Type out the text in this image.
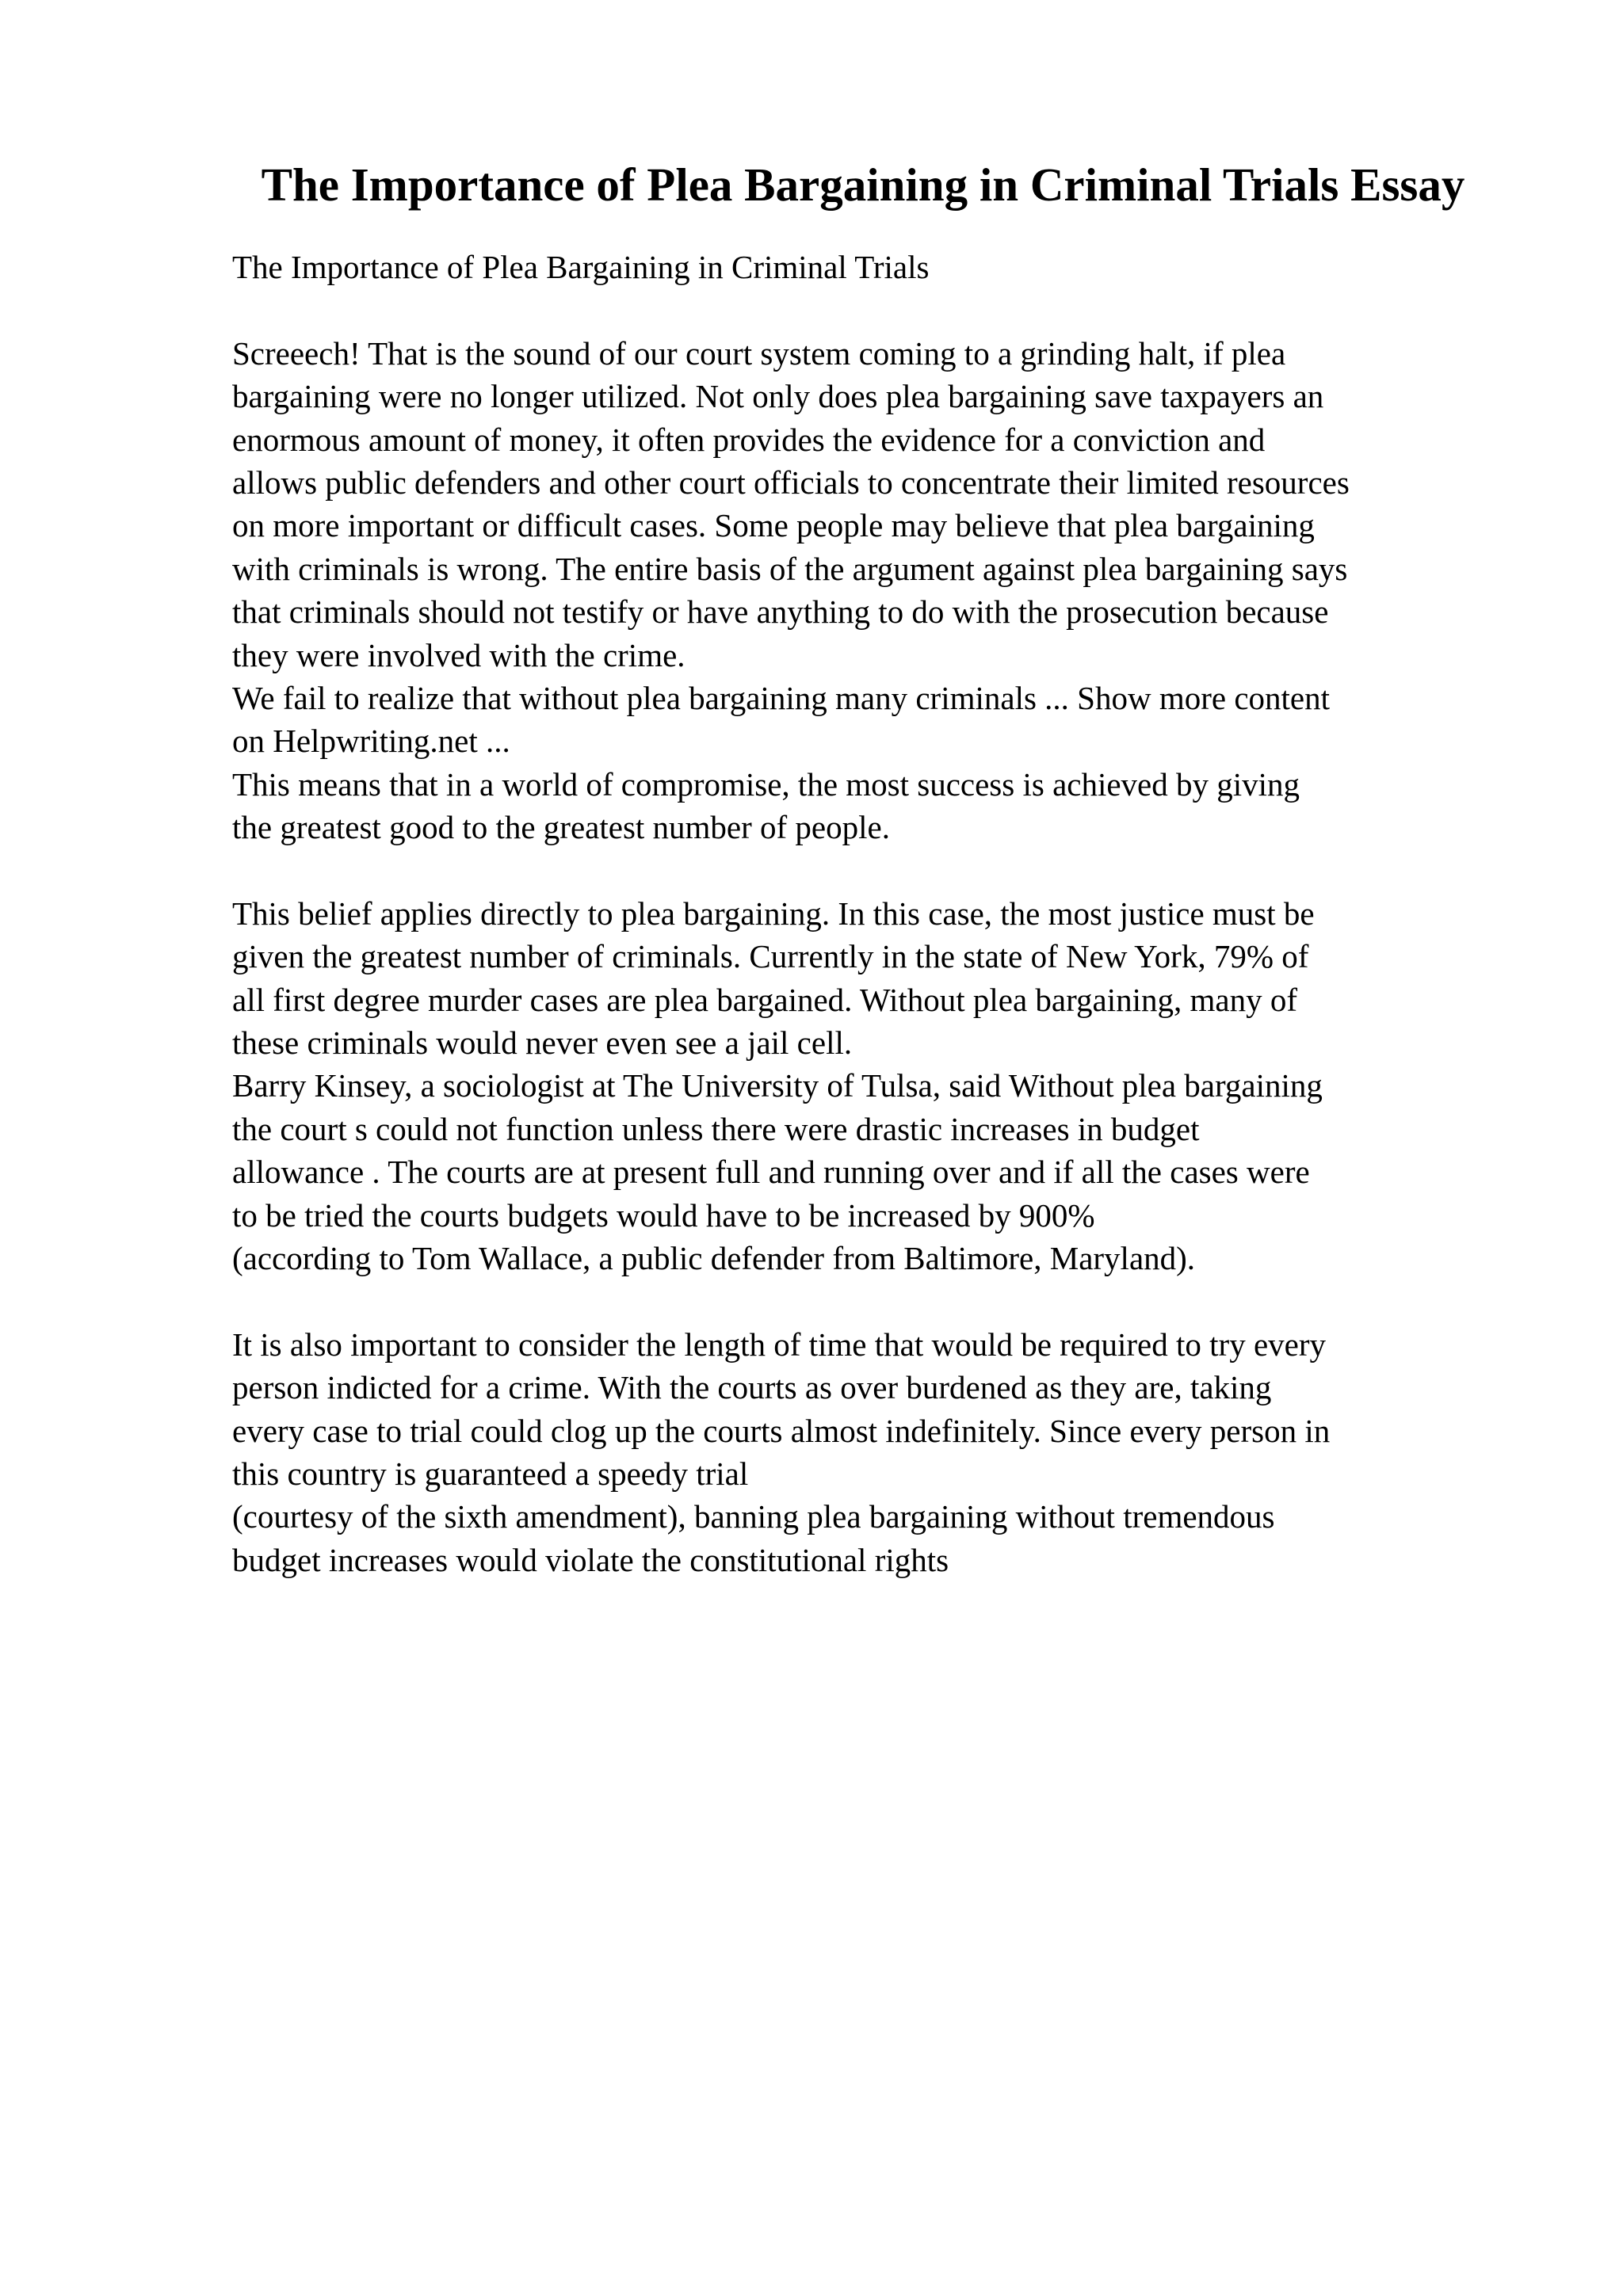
The Importance of Plea Bargaining in Criminal Trials Essay
The Importance of Plea Bargaining in Criminal Trials
Screeech! That is the sound of our court system coming to a grinding halt, if plea
bargaining were no longer utilized. Not only does plea bargaining save taxpayers an
enormous amount of money, it often provides the evidence for a conviction and
allows public defenders and other court officials to concentrate their limited resources
on more important or difficult cases. Some people may believe that plea bargaining
with criminals is wrong. The entire basis of the argument against plea bargaining says
that criminals should not testify or have anything to do with the prosecution because
they were involved with the crime.
We fail to realize that without plea bargaining many criminals ... Show more content
on Helpwriting.net ...
This means that in a world of compromise, the most success is achieved by giving
the greatest good to the greatest number of people.
This belief applies directly to plea bargaining. In this case, the most justice must be
given the greatest number of criminals. Currently in the state of New York, 79% of
all first degree murder cases are plea bargained. Without plea bargaining, many of
these criminals would never even see a jail cell.
Barry Kinsey, a sociologist at The University of Tulsa, said Without plea bargaining
the court s could not function unless there were drastic increases in budget
allowance . The courts are at present full and running over and if all the cases were
to be tried the courts budgets would have to be increased by 900%
(according to Tom Wallace, a public defender from Baltimore, Maryland).
It is also important to consider the length of time that would be required to try every
person indicted for a crime. With the courts as over burdened as they are, taking
every case to trial could clog up the courts almost indefinitely. Since every person in
this country is guaranteed a speedy trial
(courtesy of the sixth amendment), banning plea bargaining without tremendous
budget increases would violate the constitutional rights
